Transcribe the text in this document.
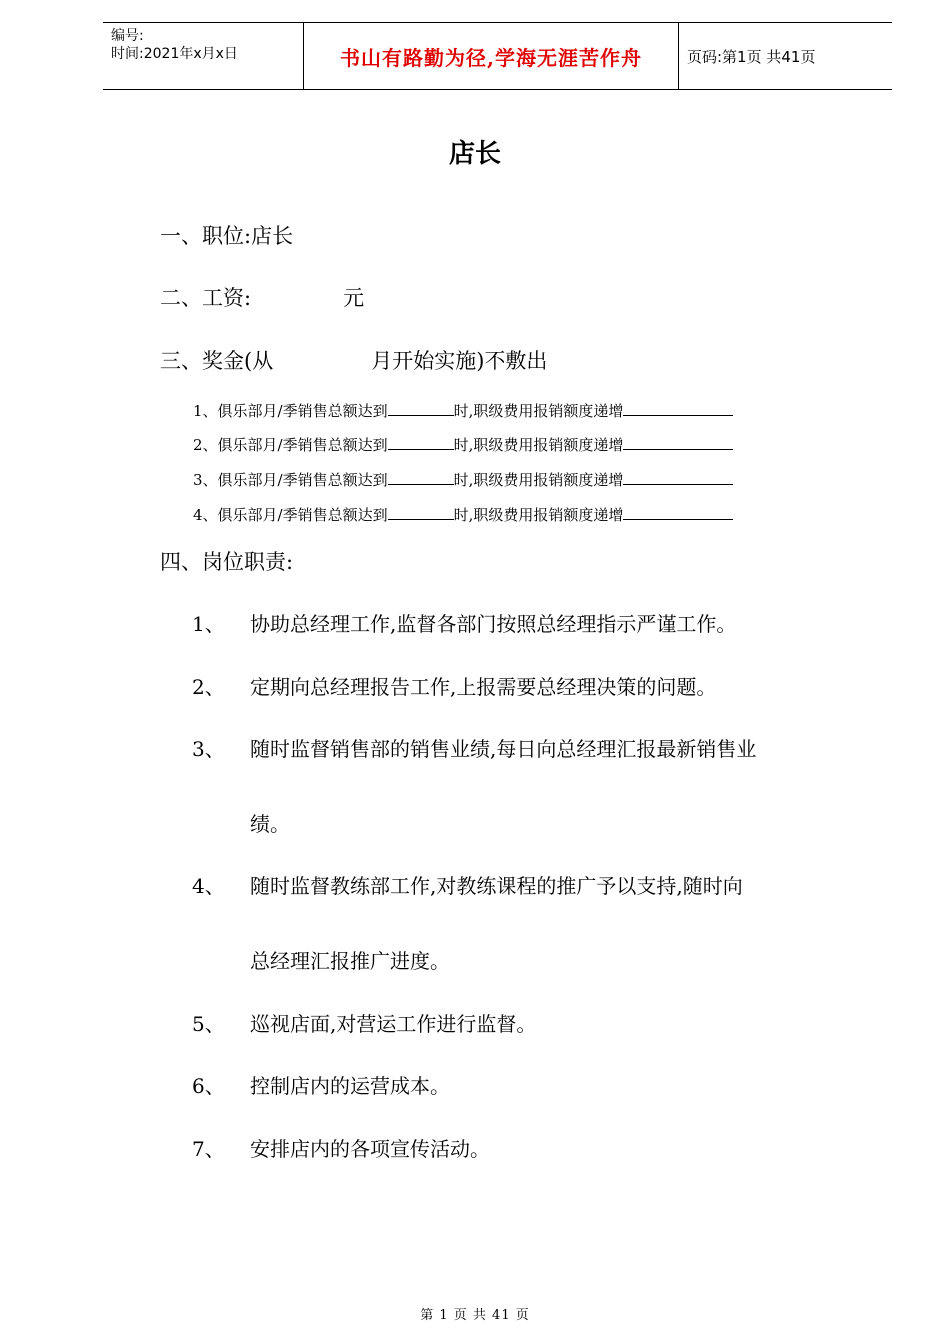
编号:
时间:2021年x月x日	书山有路勤为径,学海无涯苦作舟	页码:第1页 共41页
店长
一、职位:店长
二、工资:	元
三、奖金(从	月开始实施)不敷出
1、俱乐部月/季销售总额达到	时,职级费用报销额度递增
2、俱乐部月/季销售总额达到	时,职级费用报销额度递增
3、俱乐部月/季销售总额达到	时,职级费用报销额度递增
4、俱乐部月/季销售总额达到	时,职级费用报销额度递增
四、岗位职责:
1、 协助总经理工作,监督各部门按照总经理指示严谨工作。
2、 定期向总经理报告工作,上报需要总经理决策的问题。
3、 随时监督销售部的销售业绩,每日向总经理汇报最新销售业
绩。
4、 随时监督教练部工作,对教练课程的推广予以支持,随时向
总经理汇报推广进度。
5、 巡视店面,对营运工作进行监督。
6、 控制店内的运营成本。
7、 安排店内的各项宣传活动。
第 1 页 共 41 页
